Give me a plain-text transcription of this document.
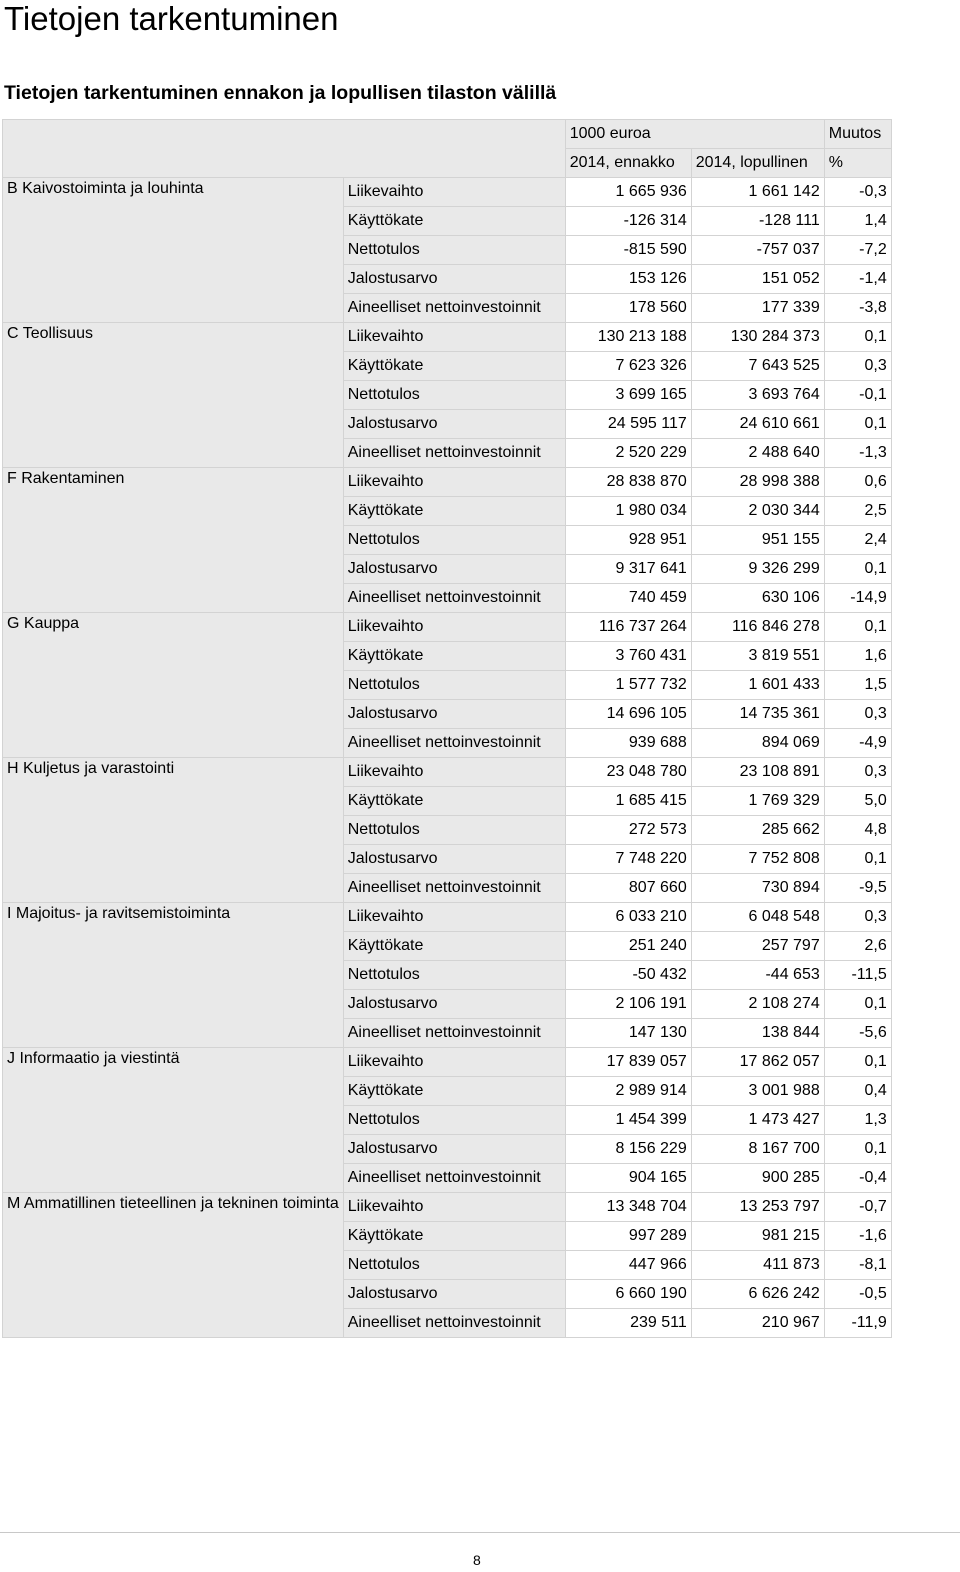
Tietojen tarkentuminen
Tietojen tarkentuminen ennakon ja lopullisen tilaston välillä
		1000 euroa		Muutos
		2014, ennakko	2014, lopullinen	%
B Kaivostoiminta ja louhinta	Liikevaihto	1 665 936	1 661 142	-0,3
	Käyttökate	-126 314	-128 111	1,4
	Nettotulos	-815 590	-757 037	-7,2
	Jalostusarvo	153 126	151 052	-1,4
	Aineelliset nettoinvestoinnit	178 560	177 339	-3,8
C Teollisuus	Liikevaihto	130 213 188	130 284 373	0,1
	Käyttökate	7 623 326	7 643 525	0,3
	Nettotulos	3 699 165	3 693 764	-0,1
	Jalostusarvo	24 595 117	24 610 661	0,1
	Aineelliset nettoinvestoinnit	2 520 229	2 488 640	-1,3
F Rakentaminen	Liikevaihto	28 838 870	28 998 388	0,6
	Käyttökate	1 980 034	2 030 344	2,5
	Nettotulos	928 951	951 155	2,4
	Jalostusarvo	9 317 641	9 326 299	0,1
	Aineelliset nettoinvestoinnit	740 459	630 106	-14,9
G Kauppa	Liikevaihto	116 737 264	116 846 278	0,1
	Käyttökate	3 760 431	3 819 551	1,6
	Nettotulos	1 577 732	1 601 433	1,5
	Jalostusarvo	14 696 105	14 735 361	0,3
	Aineelliset nettoinvestoinnit	939 688	894 069	-4,9
H Kuljetus ja varastointi	Liikevaihto	23 048 780	23 108 891	0,3
	Käyttökate	1 685 415	1 769 329	5,0
	Nettotulos	272 573	285 662	4,8
	Jalostusarvo	7 748 220	7 752 808	0,1
	Aineelliset nettoinvestoinnit	807 660	730 894	-9,5
I Majoitus- ja ravitsemistoiminta	Liikevaihto	6 033 210	6 048 548	0,3
	Käyttökate	251 240	257 797	2,6
	Nettotulos	-50 432	-44 653	-11,5
	Jalostusarvo	2 106 191	2 108 274	0,1
	Aineelliset nettoinvestoinnit	147 130	138 844	-5,6
J Informaatio ja viestintä	Liikevaihto	17 839 057	17 862 057	0,1
	Käyttökate	2 989 914	3 001 988	0,4
	Nettotulos	1 454 399	1 473 427	1,3
	Jalostusarvo	8 156 229	8 167 700	0,1
	Aineelliset nettoinvestoinnit	904 165	900 285	-0,4
M Ammatillinen tieteellinen ja tekninen toiminta	Liikevaihto	13 348 704	13 253 797	-0,7
	Käyttökate	997 289	981 215	-1,6
	Nettotulos	447 966	411 873	-8,1
	Jalostusarvo	6 660 190	6 626 242	-0,5
	Aineelliset nettoinvestoinnit	239 511	210 967	-11,9
8
